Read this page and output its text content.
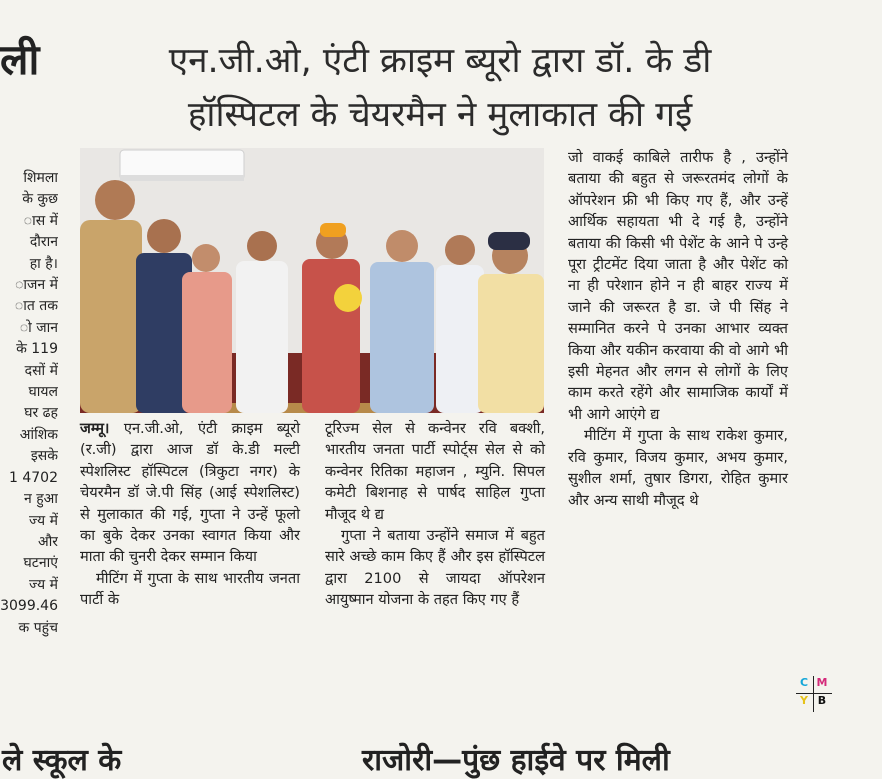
ली
शिमला
के कुछ
ास में
दौरान
हा है।
ाजन में
ात तक
ो जान
के 119
दसों में
घायल
घर ढह
आंशिक
इसके
1 4702
न हुआ
ज्य में
और
घटनाएं
ज्य में
3099.46
क पहुंच
एन.जी.ओ, एंटी क्राइम ब्यूरो द्वारा डॉ. के डी
हॉस्पिटल के चेयरमैन ने मुलाकात की गई

जम्मू। एन.जी.ओ, एंटी क्राइम ब्यूरो (र.जी) द्वारा आज डॉ के.डी मल्टी स्पेशलिस्ट हॉस्पिटल (त्रिकुटा नगर) के चेयरमैन डॉ जे.पी सिंह (आई स्पेशलिस्ट) से मुलाकात की गई, गुप्ता ने उन्हें फूलो का बुके देकर उनका स्वागत किया और माता की चुनरी देकर सम्मान किया

मीटिंग में गुप्ता के साथ भारतीय जनता पार्टी के

टूरिज्म सेल से कन्वेनर रवि बक्शी, भारतीय जनता पार्टी स्पोर्ट्स सेल से को कन्वेनर रितिका महाजन , म्युनि. सिपल कमेटी बिशनाह से पार्षद साहिल गुप्ता मौजूद थे द्य

गुप्ता ने बताया उन्होंने समाज में बहुत सारे अच्छे काम किए हैं और इस हॉस्पिटल द्वारा 2100 से जायदा ऑपरेशन आयुष्मान योजना के तहत किए गए हैं

जो वाकई काबिले तारीफ है , उन्होंने बताया की बहुत से जरूरतमंद लोगों के ऑपरेशन फ्री भी किए गए हैं, और उन्हें आर्थिक सहायता भी दे गई है, उन्होंने बताया की किसी भी पेशेंट के आने पे उन्हे पूरा ट्रीटमेंट दिया जाता है और पेशेंट को ना ही परेशान होने न ही बाहर राज्य में जाने की जरूरत है डा. जे पी सिंह ने सम्मानित करने पे उनका आभार व्यक्त किया और यकीन करवाया की वो आगे भी इसी मेहनत और लगन से लोगों के लिए काम करते रहेंगे और सामाजिक कार्यों में भी आगे आएंगे द्य

मीटिंग में गुप्ता के साथ राकेश कुमार, रवि कुमार, विजय कुमार, अभय कुमार, सुशील शर्मा, तुषार डिगरा, रोहित कुमार और अन्य साथी मौजूद थे

C M
Y B
ले स्कूल के	राजोरी—पुंछ हाईवे पर मिली
